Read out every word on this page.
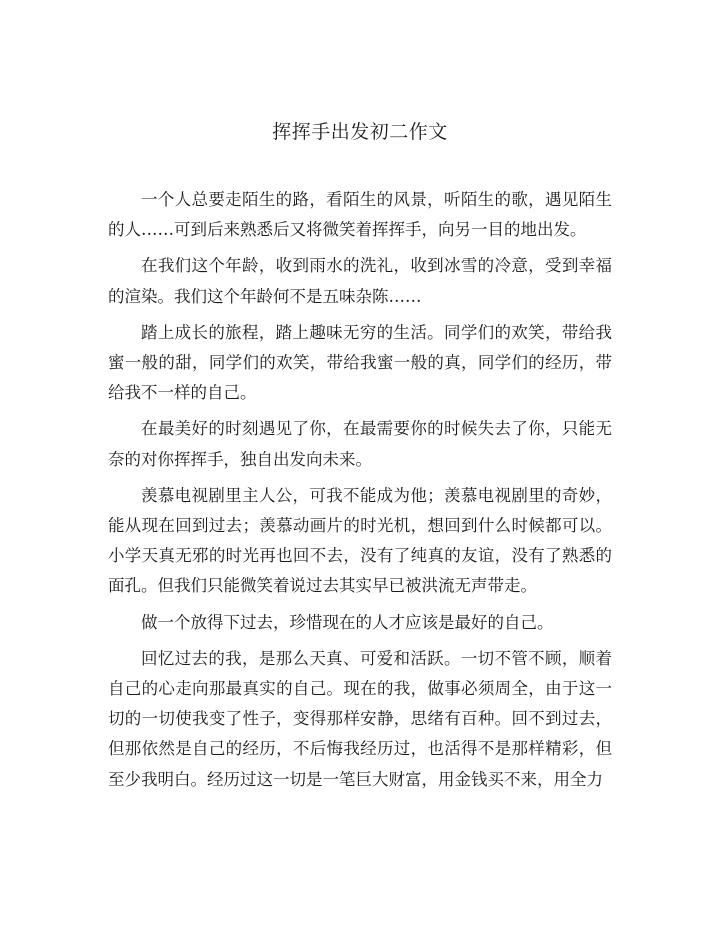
挥挥手出发初二作文

一个人总要走陌生的路，看陌生的风景，听陌生的歌，遇见陌生的人……可到后来熟悉后又将微笑着挥挥手，向另一目的地出发。

在我们这个年龄，收到雨水的洗礼，收到冰雪的冷意，受到幸福的渲染。我们这个年龄何不是五味杂陈……

踏上成长的旅程，踏上趣味无穷的生活。同学们的欢笑，带给我蜜一般的甜，同学们的欢笑，带给我蜜一般的真，同学们的经历，带给我不一样的自己。

在最美好的时刻遇见了你，在最需要你的时候失去了你，只能无奈的对你挥挥手，独自出发向未来。

羡慕电视剧里主人公，可我不能成为他；羡慕电视剧里的奇妙，能从现在回到过去；羡慕动画片的时光机，想回到什么时候都可以。小学天真无邪的时光再也回不去，没有了纯真的友谊，没有了熟悉的面孔。但我们只能微笑着说过去其实早已被洪流无声带走。

做一个放得下过去，珍惜现在的人才应该是最好的自己。

回忆过去的我，是那么天真、可爱和活跃。一切不管不顾，顺着自己的心走向那最真实的自己。现在的我，做事必须周全，由于这一切的一切使我变了性子，变得那样安静，思绪有百种。回不到过去，但那依然是自己的经历，不后悔我经历过，也活得不是那样精彩，但至少我明白。经历过这一切是一笔巨大财富，用金钱买不来，用全力
